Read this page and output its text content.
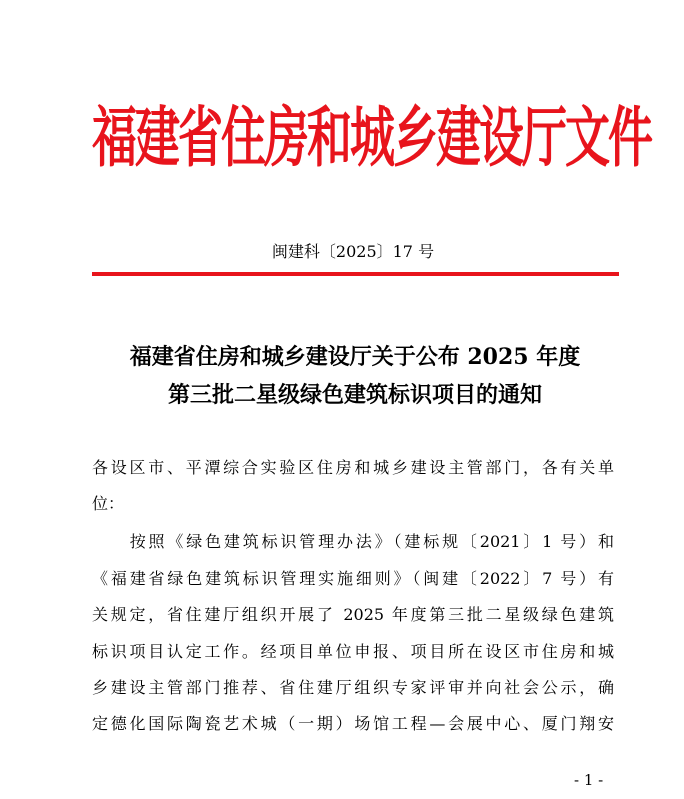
福建省住房和城乡建设厅文件
闽建科〔2025〕17 号
福建省住房和城乡建设厅关于公布 2025 年度
第三批二星级绿色建筑标识项目的通知
各设区市、平潭综合实验区住房和城乡建设主管部门，各有关单
位：
　　按照《绿色建筑标识管理办法》（建标规〔2021〕1 号）和
《福建省绿色建筑标识管理实施细则》（闽建〔2022〕7 号）有
关规定，省住建厅组织开展了 2025 年度第三批二星级绿色建筑
标识项目认定工作。经项目单位申报、项目所在设区市住房和城
乡建设主管部门推荐、省住建厅组织专家评审并向社会公示，确
定德化国际陶瓷艺术城（一期）场馆工程—会展中心、厦门翔安
- 1 -
